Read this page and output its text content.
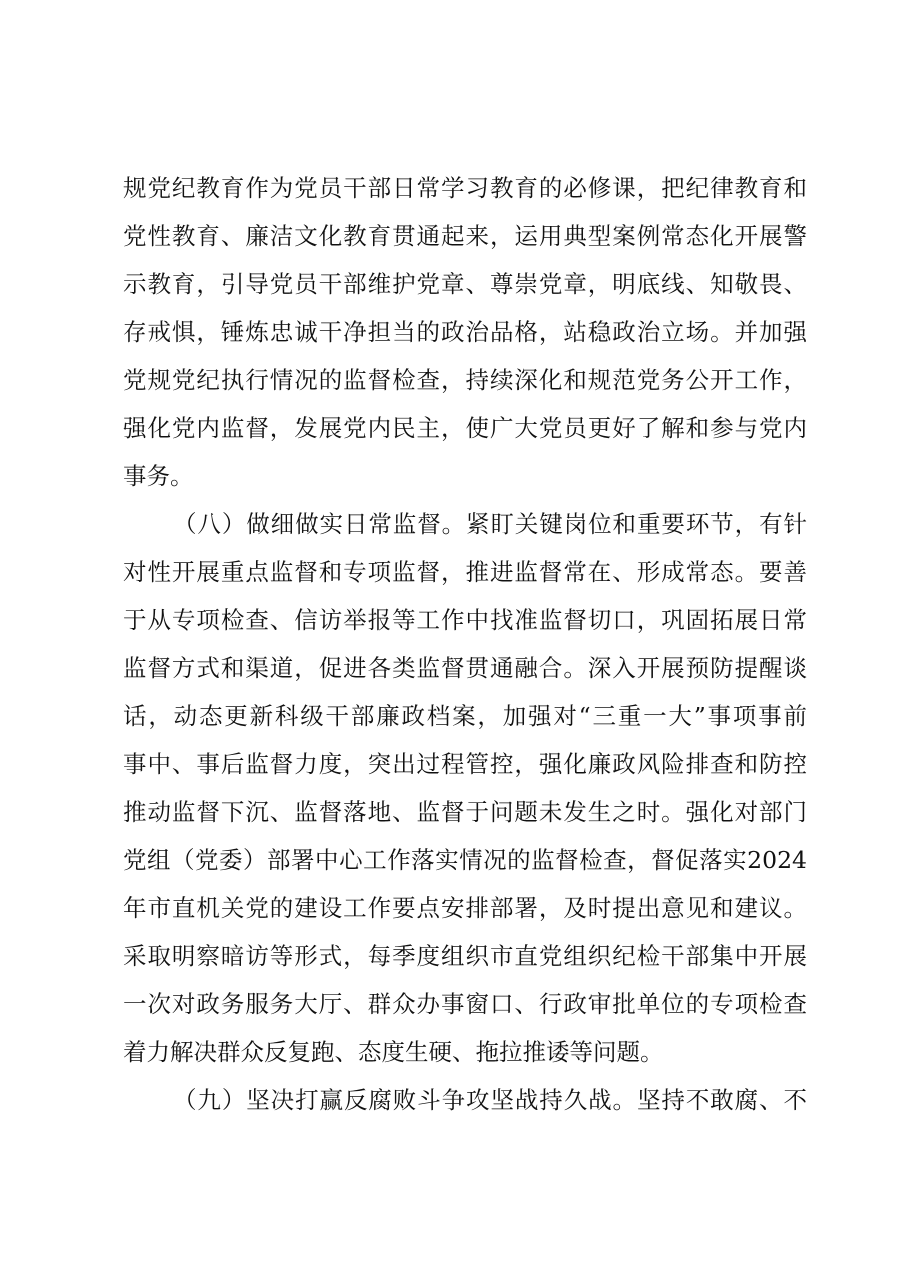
规党纪教育作为党员干部日常学习教育的必修课，把纪律教育和
党性教育、廉洁文化教育贯通起来，运用典型案例常态化开展警
示教育，引导党员干部维护党章、尊崇党章，明底线、知敬畏、
存戒惧，锤炼忠诚干净担当的政治品格，站稳政治立场。并加强
党规党纪执行情况的监督检查，持续深化和规范党务公开工作，
强化党内监督，发展党内民主，使广大党员更好了解和参与党内
事务。
（八）做细做实日常监督。紧盯关键岗位和重要环节，有针
对性开展重点监督和专项监督，推进监督常在、形成常态。要善
于从专项检查、信访举报等工作中找准监督切口，巩固拓展日常
监督方式和渠道，促进各类监督贯通融合。深入开展预防提醒谈
话，动态更新科级干部廉政档案，加强对“三重一大”事项事前
事中、事后监督力度，突出过程管控，强化廉政风险排查和防控
推动监督下沉、监督落地、监督于问题未发生之时。强化对部门
党组（党委）部署中心工作落实情况的监督检查，督促落实2024
年市直机关党的建设工作要点安排部署，及时提出意见和建议。
采取明察暗访等形式，每季度组织市直党组织纪检干部集中开展
一次对政务服务大厅、群众办事窗口、行政审批单位的专项检查
着力解决群众反复跑、态度生硬、拖拉推诿等问题。
（九）坚决打赢反腐败斗争攻坚战持久战。坚持不敢腐、不
